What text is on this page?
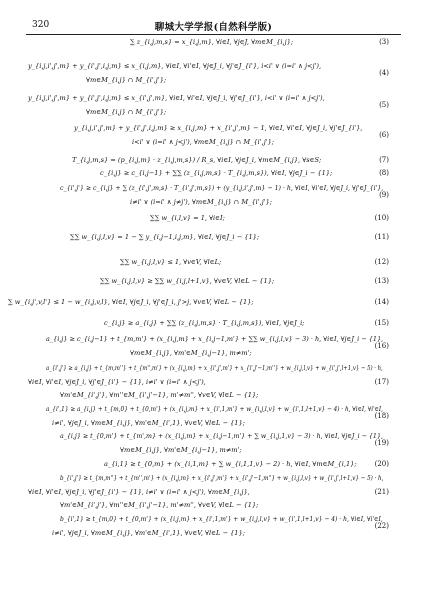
320	聊城大学学报(自然科学版)
∑ z_{i,j,m,s} = x_{i,j,m}, ∀i∈I, ∀j∈J, ∀m∈M_{i,j};	(3)
y_{i,j,i',j',m} + y_{i',j',i,j,m} ≤ x_{i,j,m}, ∀i∈I, ∀i'∈I, ∀j∈J_i, ∀j'∈J_{i'}, i<i' ∨ (i=i' ∧ j<j'),
∀m∈M_{i,j} ∩ M_{i',j'};
(4)
y_{i,j,i',j',m} + y_{i',j',i,j,m} ≤ x_{i',j',m}, ∀i∈I, ∀i'∈I, ∀j∈J_i, ∀j'∈J_{i'}, i<i' ∨ (i=i' ∧ j<j'),
∀m∈M_{i,j} ∩ M_{i',j'};
(5)
y_{i,j,i',j',m} + y_{i',j',i,j,m} ≥ x_{i,j,m} + x_{i',j',m} − 1, ∀i∈I, ∀i'∈I, ∀j∈J_i, ∀j'∈J_{i'},
i<i' ∨ (i=i' ∧ j<j'), ∀m∈M_{i,j} ∩ M_{i',j'};
(6)
T_{i,j,m,s} = (p_{i,j,m} · z_{i,j,m,s}) / R_s, ∀i∈I, ∀j∈J_i, ∀m∈M_{i,j}, ∀s∈S;	(7)
c_{i,j} ≥ c_{i,j−1} + ∑∑ (z_{i,j,m,s} · T_{i,j,m,s}), ∀i∈I, ∀j∈J_i − {1};	(8)
c_{i',j'} ≥ c_{i,j} + ∑ (z_{i',j',m,s} · T_{i',j',m,s}) + (y_{i,j,i',j',m} − 1) · h, ∀i∈I, ∀i'∈I, ∀j∈J_i, ∀j'∈J_{i'},
i≠i' ∨ (i=i' ∧ j≠j'), ∀m∈M_{i,j} ∩ M_{i',j'};
(9)
∑∑ w_{i,l,v} = 1, ∀i∈I;	(10)
∑∑ w_{i,j,l,v} = 1 − ∑ y_{i,j−1,i,j,m}, ∀i∈I, ∀j∈J_i − {1};	(11)
∑∑ w_{i,j,l,v} ≤ 1, ∀v∈V, ∀l∈L;	(12)
∑∑ w_{i,j,l,v} ≥ ∑∑ w_{i,j,l+1,v}, ∀v∈V, ∀l∈L − {1};	(13)
∑ w_{i,j',v,l'} ≤ 1 − w_{i,j,v,l}, ∀i∈I, ∀j∈J_i, ∀j'∈J_i, j'>j, ∀v∈V, ∀l∈L − {1};	(14)
c_{i,j} ≥ a_{i,j} + ∑∑ (z_{i,j,m,s} · T_{i,j,m,s}), ∀i∈I, ∀j∈J_i;	(15)
a_{i,j} ≥ c_{i,j−1} + t_{m,m'} + (x_{i,j,m} + x_{i,j−1,m'} + ∑∑ w_{i,j,l,v} − 3) · h, ∀i∈I, ∀j∈J_i − {1},
∀m∈M_{i,j}, ∀m'∈M_{i,j−1}, m≠m';
(16)
a_{i',j'} ≥ a_{i,j} + t_{m,m''} + t_{m'',m'} + (x_{i,j,m} + x_{i',j',m'} + x_{i',j'−1,m''} + w_{i,j,l,v} + w_{i',j',l+1,v} − 5) · h,
∀i∈I, ∀i'∈I, ∀j∈J_i, ∀j'∈J_{i'} − {1}, i≠i' ∨ (i=i' ∧ j<j'),
∀m'∈M_{i',j'}, ∀m''∈M_{i',j'−1}, m'≠m'', ∀v∈V, ∀l∈L − {1};
(17)
a_{i',1} ≥ a_{i,j} + t_{m,0} + t_{0,m'} + (x_{i,j,m} + x_{i',1,m'} + w_{i,j,l,v} + w_{i',1,l+1,v} − 4) · h, ∀i∈I, ∀i'∈I,
i≠i', ∀j∈J_i, ∀m∈M_{i,j}, ∀m'∈M_{i',1}, ∀v∈V, ∀l∈L − {1};
(18)
a_{i,j} ≥ t_{0,m'} + t_{m',m} + (x_{i,j,m} + x_{i,j−1,m'} + ∑ w_{i,j,1,v} − 3) · h, ∀i∈I, ∀j∈J_i − {1},
∀m∈M_{i,j}, ∀m'∈M_{i,j−1}, m≠m';
(19)
a_{i,1} ≥ t_{0,m} + (x_{i,1,m} + ∑ w_{i,1,1,v} − 2) · h, ∀i∈I, ∀m∈M_{i,1};	(20)
b_{i',j'} ≥ t_{m,m''} + t_{m'',m'} + (x_{i,j,m} + x_{i',j',m'} + x_{i',j'−1,m''} + w_{i,j,l,v} + w_{i',j',l+1,v} − 5) · h,
∀i∈I, ∀i'∈I, ∀j∈J_i, ∀j'∈J_{i'} − {1}, i≠i' ∨ (i=i' ∧ j<j'), ∀m∈M_{i,j},
∀m'∈M_{i',j'}, ∀m''∈M_{i',j'−1}, m'≠m'', ∀v∈V, ∀l∈L − {1};
(21)
b_{i',1} ≥ t_{m,0} + t_{0,m'} + (x_{i,j,m} + x_{i',1,m'} + w_{i,j,l,v} + w_{i',1,l+1,v} − 4) · h, ∀i∈I, ∀i'∈I,
i≠i', ∀j∈J_i, ∀m∈M_{i,j}, ∀m'∈M_{i',1}, ∀v∈V, ∀l∈L − {1};
(22)
